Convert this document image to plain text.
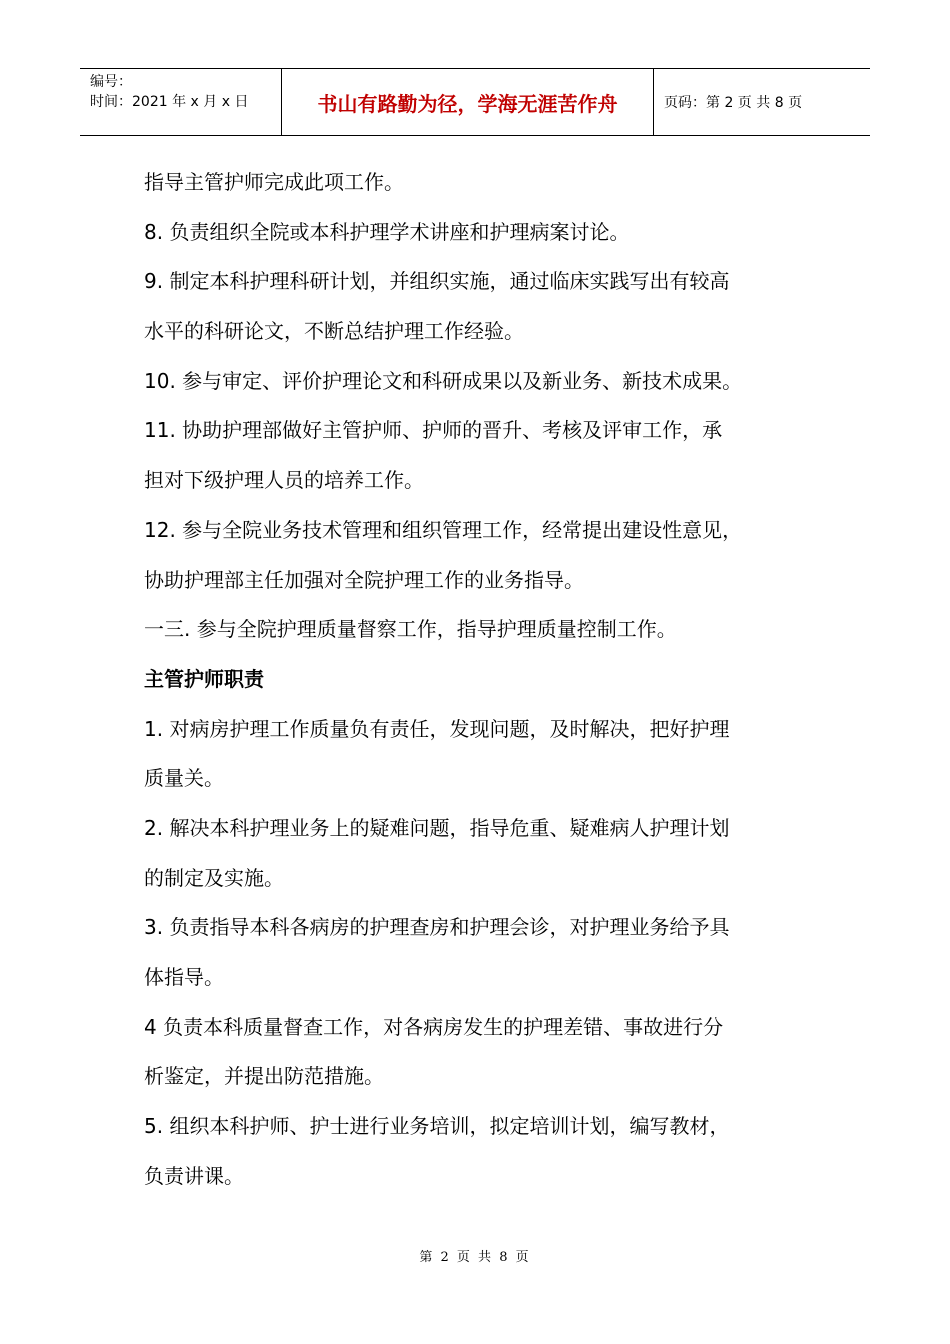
编号：
时间：2021 年 x 月 x 日	书山有路勤为径，学海无涯苦作舟	页码：第 2 页 共 8 页
指导主管护师完成此项工作。
8. 负责组织全院或本科护理学术讲座和护理病案讨论。
9. 制定本科护理科研计划，并组织实施，通过临床实践写出有较高
水平的科研论文，不断总结护理工作经验。
10. 参与审定、评价护理论文和科研成果以及新业务、新技术成果。
11. 协助护理部做好主管护师、护师的晋升、考核及评审工作，承
担对下级护理人员的培养工作。
12. 参与全院业务技术管理和组织管理工作，经常提出建设性意见，
协助护理部主任加强对全院护理工作的业务指导。
一三. 参与全院护理质量督察工作，指导护理质量控制工作。
主管护师职责
1. 对病房护理工作质量负有责任，发现问题，及时解决，把好护理
质量关。
2. 解决本科护理业务上的疑难问题，指导危重、疑难病人护理计划
的制定及实施。
3. 负责指导本科各病房的护理查房和护理会诊，对护理业务给予具
体指导。
4 负责本科质量督查工作，对各病房发生的护理差错、事故进行分
析鉴定，并提出防范措施。
5. 组织本科护师、护士进行业务培训，拟定培训计划，编写教材，
负责讲课。
第 2 页 共 8 页
